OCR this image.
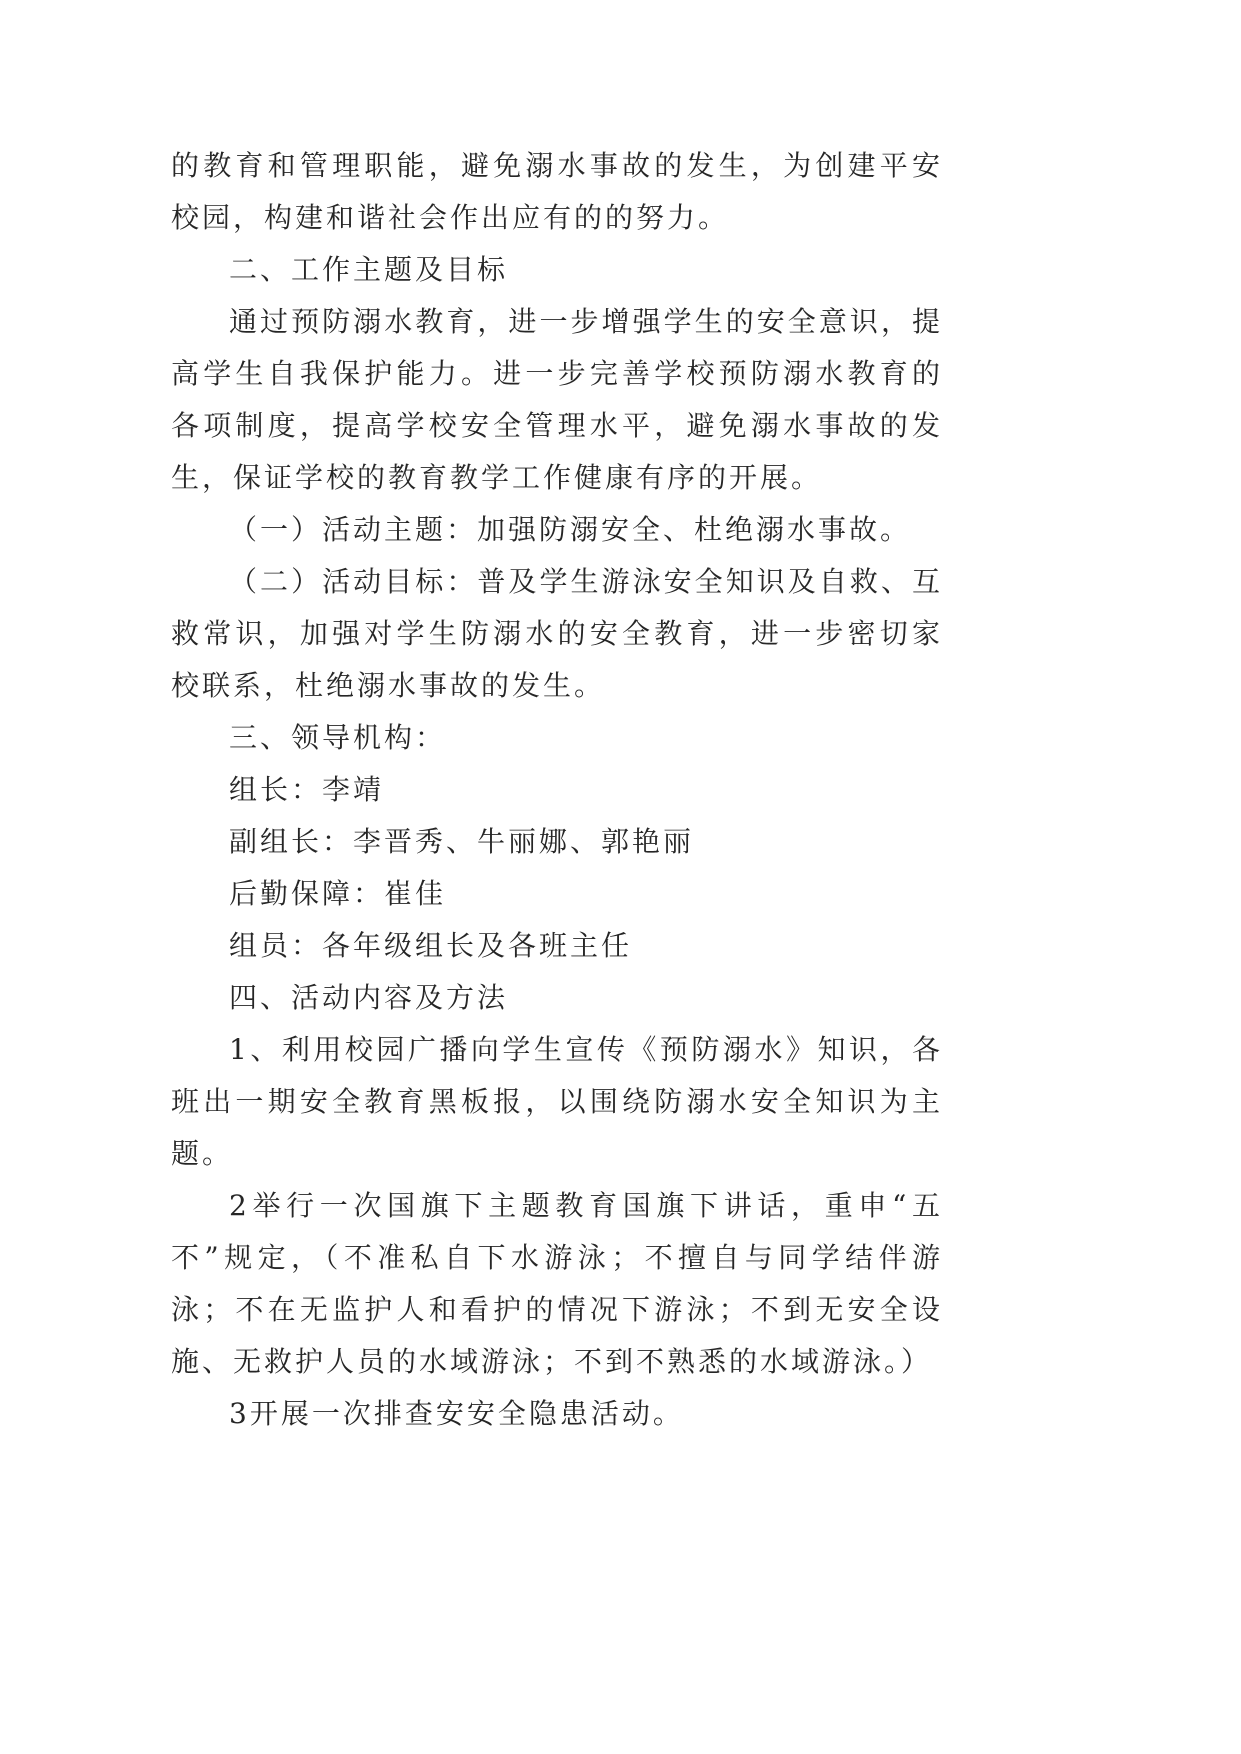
的教育和管理职能，避免溺水事故的发生，为创建平安校园，构建和谐社会作出应有的的努力。

二、工作主题及目标

通过预防溺水教育，进一步增强学生的安全意识，提高学生自我保护能力。进一步完善学校预防溺水教育的各项制度，提高学校安全管理水平，避免溺水事故的发生，保证学校的教育教学工作健康有序的开展。

（一）活动主题：加强防溺安全、杜绝溺水事故。

（二）活动目标：普及学生游泳安全知识及自救、互救常识，加强对学生防溺水的安全教育，进一步密切家校联系，杜绝溺水事故的发生。

三、领导机构：

组长：李靖

副组长：李晋秀、牛丽娜、郭艳丽

后勤保障：崔佳

组员：各年级组长及各班主任

四、活动内容及方法

1、利用校园广播向学生宣传《预防溺水》知识，各班出一期安全教育黑板报，以围绕防溺水安全知识为主题。

2举行一次国旗下主题教育国旗下讲话，重申“五不”规定，（不准私自下水游泳；不擅自与同学结伴游泳；不在无监护人和看护的情况下游泳；不到无安全设施、无救护人员的水域游泳；不到不熟悉的水域游泳。）

3开展一次排查安安全隐患活动。
